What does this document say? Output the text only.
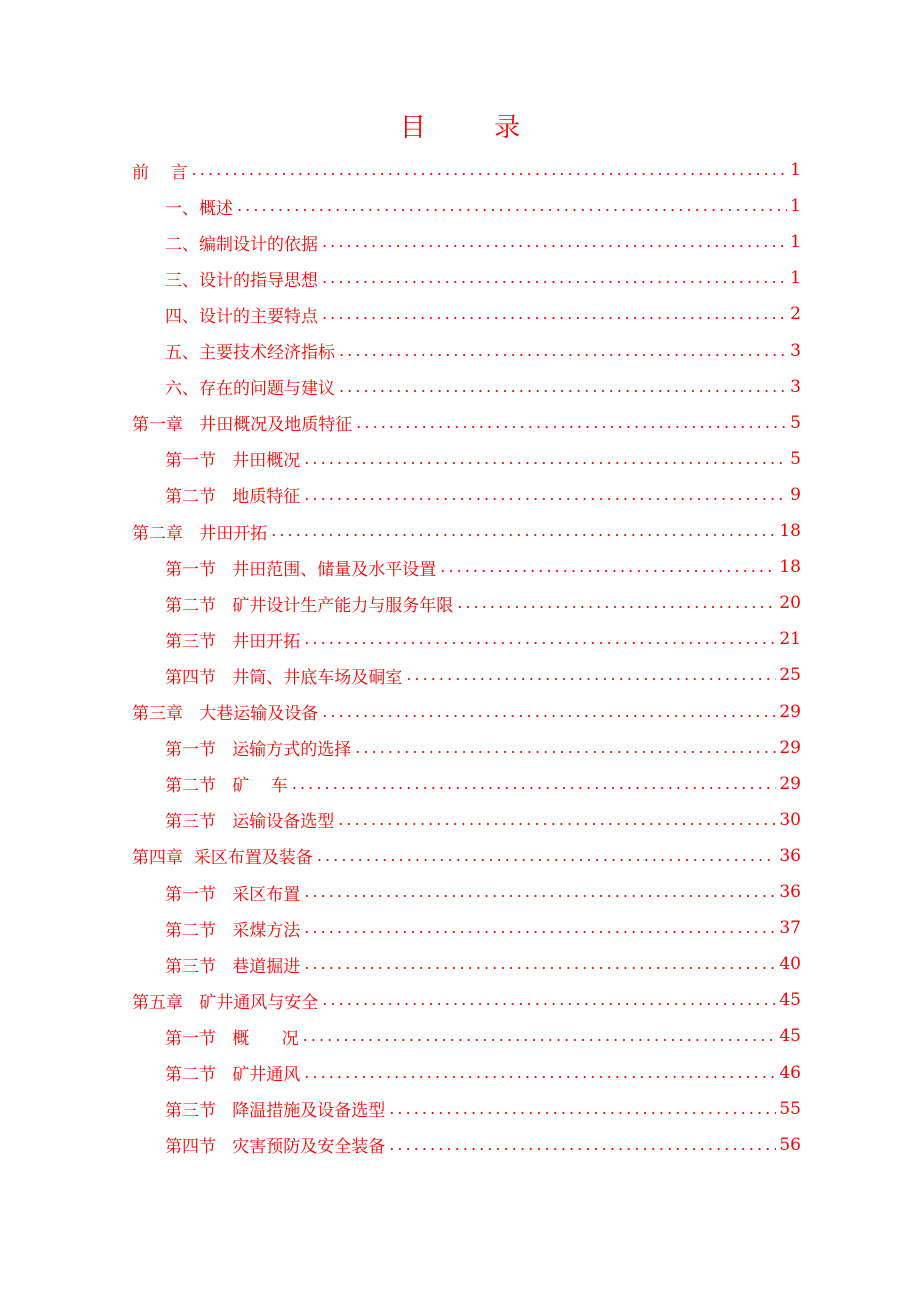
目 录
前    言 . . .	1
一、概述 . . .	1
二、编制设计的依据 . . .	1
三、设计的指导思想 . . .	1
四、设计的主要特点 . . .	2
五、主要技术经济指标 . . .	3
六、存在的问题与建议 . . .	3
第一章   井田概况及地质特征 . . .	5
第一节   井田概况 . . .	5
第二节   地质特征 . . .	9
第二章   井田开拓 . . .	18
第一节   井田范围、储量及水平设置 . . .	18
第二节   矿井设计生产能力与服务年限 . . .	20
第三节   井田开拓 . . .	21
第四节   井筒、井底车场及硐室 . . .	25
第三章   大巷运输及设备 . . .	29
第一节   运输方式的选择 . . .	29
第二节   矿    车 . . .	29
第三节   运输设备选型 . . .	30
第四章  采区布置及装备 . . .	36
第一节   采区布置 . . .	36
第二节   采煤方法 . . .	37
第三节   巷道掘进 . . .	40
第五章   矿井通风与安全 . . .	45
第一节   概      况 . . .	45
第二节   矿井通风 . . .	46
第三节   降温措施及设备选型 . . .	55
第四节   灾害预防及安全装备 . . .	56
